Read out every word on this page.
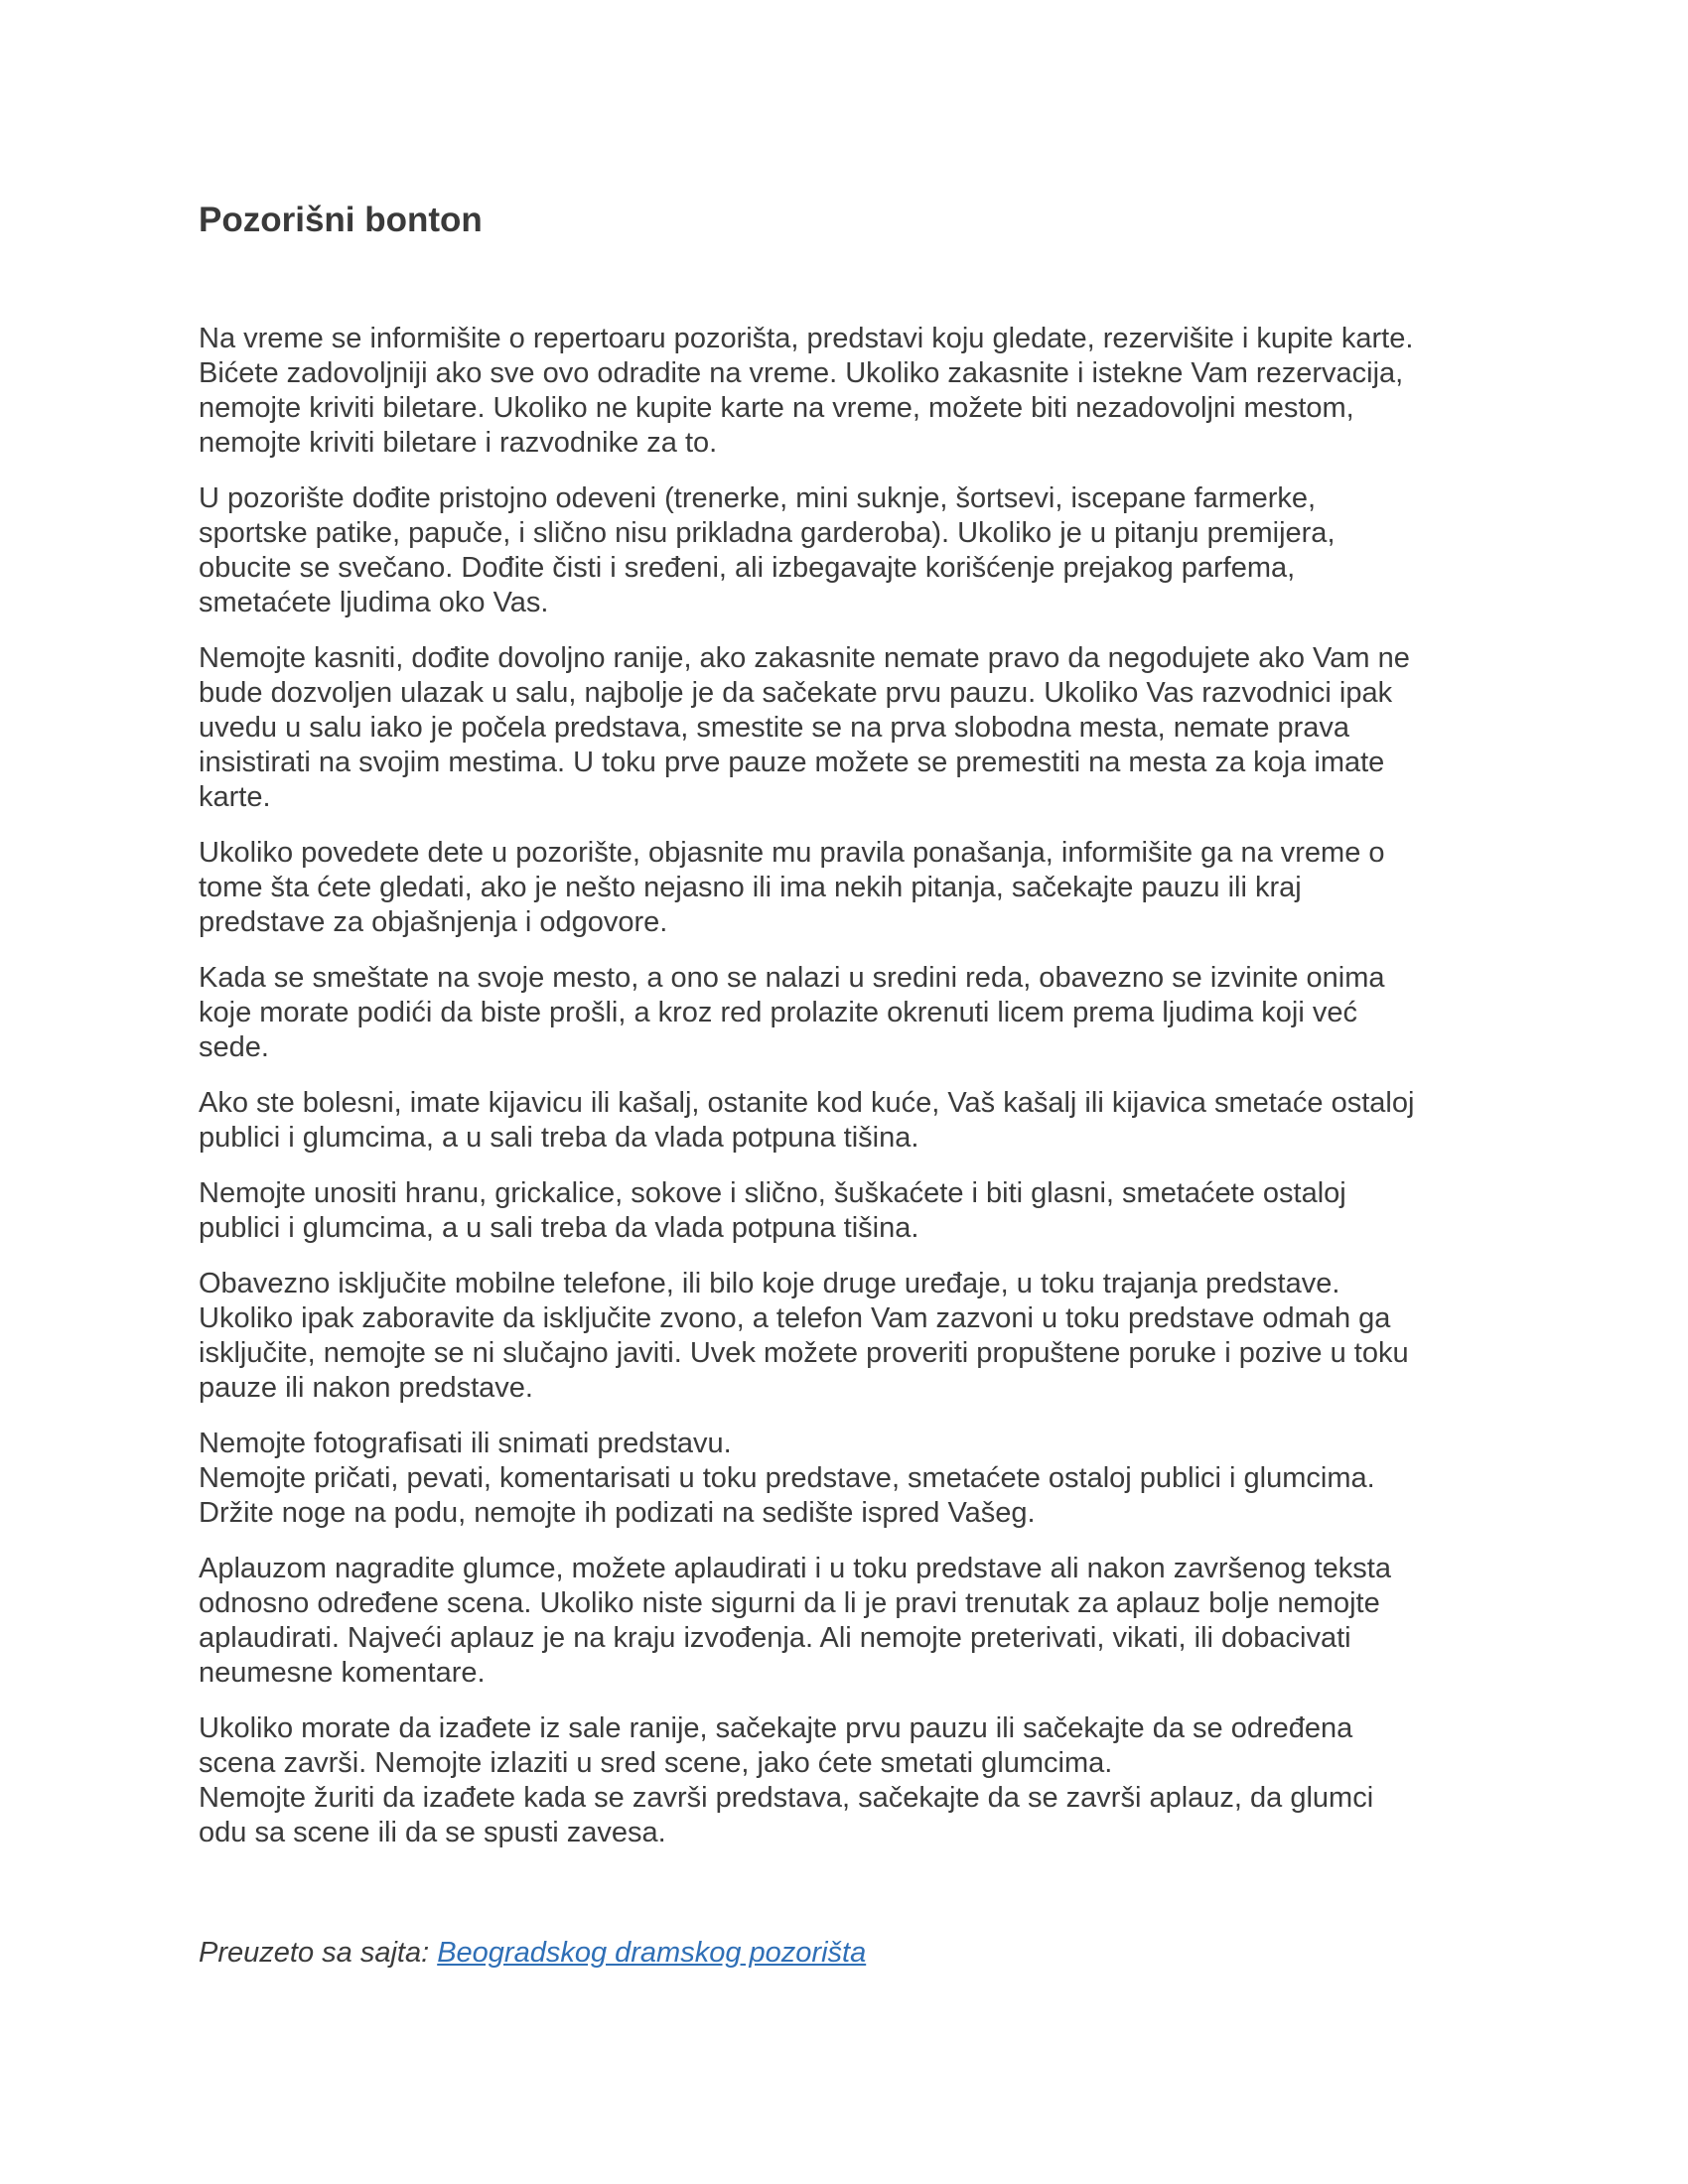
Pozorišni bonton

Na vreme se informišite o repertoaru pozorišta, predstavi koju gledate, rezervišite i kupite karte.
Bićete zadovoljniji ako sve ovo odradite na vreme. Ukoliko zakasnite i istekne Vam rezervacija,
nemojte kriviti biletare. Ukoliko ne kupite karte na vreme, možete biti nezadovoljni mestom,
nemojte kriviti biletare i razvodnike za to.

U pozorište dođite pristojno odeveni (trenerke, mini suknje, šortsevi, iscepane farmerke,
sportske patike, papuče, i slično nisu prikladna garderoba). Ukoliko je u pitanju premijera,
obucite se svečano. Dođite čisti i sređeni, ali izbegavajte korišćenje prejakog parfema,
smetaćete ljudima oko Vas.

Nemojte kasniti, dođite dovoljno ranije, ako zakasnite nemate pravo da negodujete ako Vam ne
bude dozvoljen ulazak u salu, najbolje je da sačekate prvu pauzu. Ukoliko Vas razvodnici ipak
uvedu u salu iako je počela predstava, smestite se na prva slobodna mesta, nemate prava
insistirati na svojim mestima. U toku prve pauze možete se premestiti na mesta za koja imate
karte.

Ukoliko povedete dete u pozorište, objasnite mu pravila ponašanja, informišite ga na vreme o
tome šta ćete gledati, ako je nešto nejasno ili ima nekih pitanja, sačekajte pauzu ili kraj
predstave za objašnjenja i odgovore.

Kada se smeštate na svoje mesto, a ono se nalazi u sredini reda, obavezno se izvinite onima
koje morate podići da biste prošli, a kroz red prolazite okrenuti licem prema ljudima koji već
sede.

Ako ste bolesni, imate kijavicu ili kašalj, ostanite kod kuće, Vaš kašalj ili kijavica smetaće ostaloj
publici i glumcima, a u sali treba da vlada potpuna tišina.

Nemojte unositi hranu, grickalice, sokove i slično, šuškaćete i biti glasni, smetaćete ostaloj
publici i glumcima, a u sali treba da vlada potpuna tišina.

Obavezno isključite mobilne telefone, ili bilo koje druge uređaje, u toku trajanja predstave.
Ukoliko ipak zaboravite da isključite zvono, a telefon Vam zazvoni u toku predstave odmah ga
isključite, nemojte se ni slučajno javiti. Uvek možete proveriti propuštene poruke i pozive u toku
pauze ili nakon predstave.

Nemojte fotografisati ili snimati predstavu.
Nemojte pričati, pevati, komentarisati u toku predstave, smetaćete ostaloj publici i glumcima.
Držite noge na podu, nemojte ih podizati na sedište ispred Vašeg.

Aplauzom nagradite glumce, možete aplaudirati i u toku predstave ali nakon završenog teksta
odnosno određene scena. Ukoliko niste sigurni da li je pravi trenutak za aplauz bolje nemojte
aplaudirati. Najveći aplauz je na kraju izvođenja. Ali nemojte preterivati, vikati, ili dobacivati
neumesne komentare.

Ukoliko morate da izađete iz sale ranije, sačekajte prvu pauzu ili sačekajte da se određena
scena završi. Nemojte izlaziti u sred scene, jako ćete smetati glumcima.
Nemojte žuriti da izađete kada se završi predstava, sačekajte da se završi aplauz, da glumci
odu sa scene ili da se spusti zavesa.

Preuzeto sa sajta: Beogradskog dramskog pozorišta
